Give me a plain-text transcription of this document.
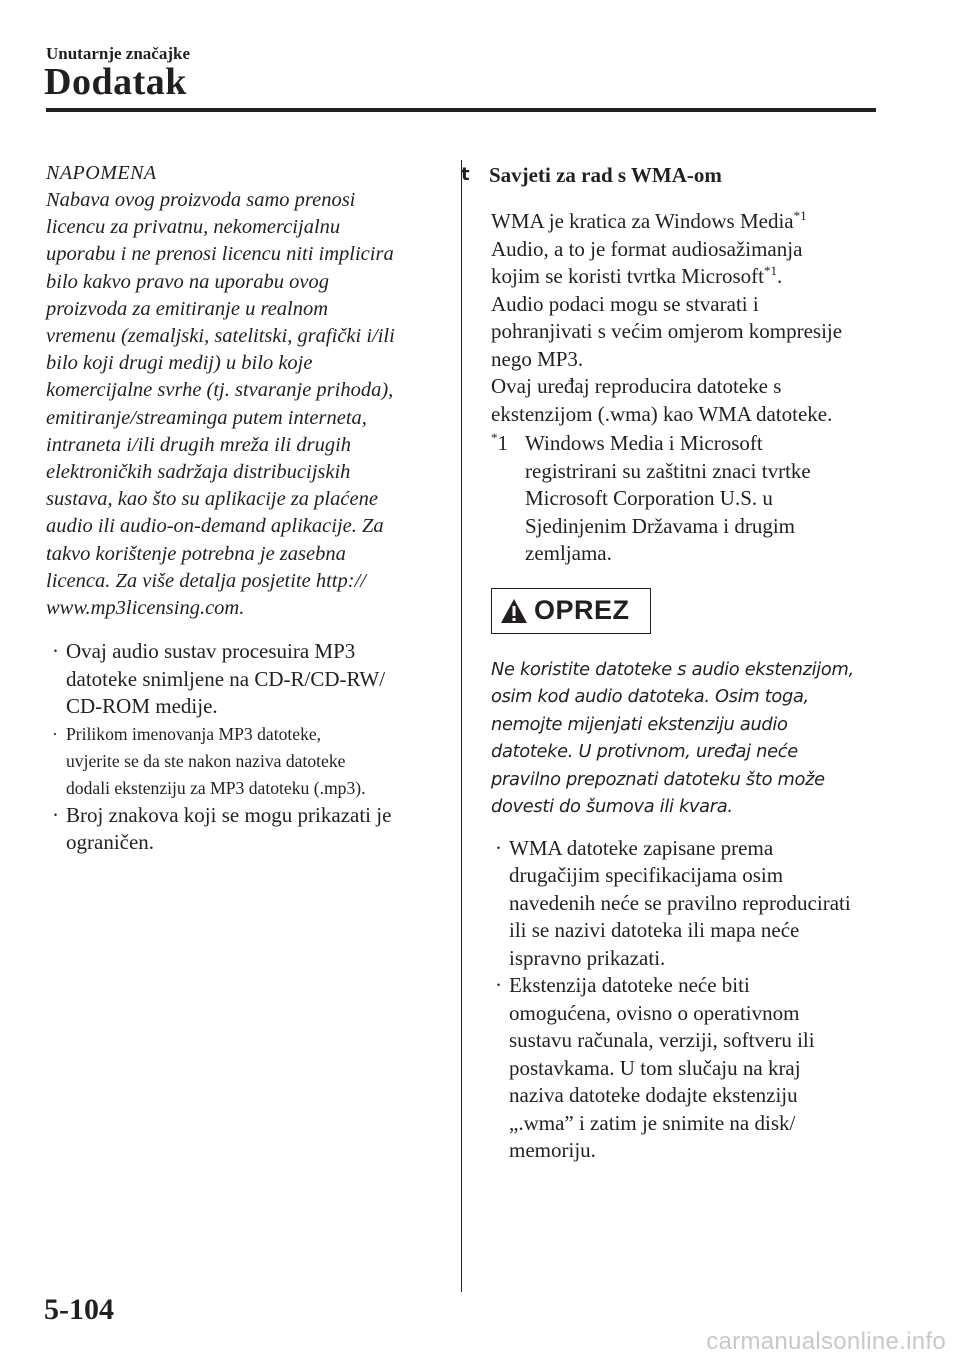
Unutarnje značajke
Dodatak
NAPOMENA
Nabava ovog proizvoda samo prenosi
licencu za privatnu, nekomercijalnu
uporabu i ne prenosi licencu niti implicira
bilo kakvo pravo na uporabu ovog
proizvoda za emitiranje u realnom
vremenu (zemaljski, satelitski, grafički i/ili
bilo koji drugi medij) u bilo koje
komercijalne svrhe (tj. stvaranje prihoda),
emitiranje/streaminga putem interneta,
intraneta i/ili drugih mreža ili drugih
elektroničkih sadržaja distribucijskih
sustava, kao što su aplikacije za plaćene
audio ili audio-on-demand aplikacije. Za
takvo korištenje potrebna je zasebna
licenca. Za više detalja posjetite http://
www.mp3licensing.com.
· Ovaj audio sustav procesuira MP3
datoteke snimljene na CD-R/CD-RW/
CD-ROM medije.
· Prilikom imenovanja MP3 datoteke,
uvjerite se da ste nakon naziva datoteke
dodali ekstenziju za MP3 datoteku (.mp3).
· Broj znakova koji se mogu prikazati je
ograničen.
t Savjeti za rad s WMA-om
WMA je kratica za Windows Media$^{*1}$
Audio, a to je format audiosažimanja
kojim se koristi tvrtka Microsoft$^{*1}$.
Audio podaci mogu se stvarati i
pohranjivati s većim omjerom kompresije
nego MP3.
Ovaj uređaj reproducira datoteke s
ekstenzijom (.wma) kao WMA datoteke.
*1 Windows Media i Microsoft
registrirani su zaštitni znaci tvrtke
Microsoft Corporation U.S. u
Sjedinjenim Državama i drugim
zemljama.
OPREZ
Ne koristite datoteke s audio ekstenzijom,
osim kod audio datoteka. Osim toga,
nemojte mijenjati ekstenziju audio
datoteke. U protivnom, uređaj neće
pravilno prepoznati datoteku što može
dovesti do šumova ili kvara.
· WMA datoteke zapisane prema
drugačijim specifikacijama osim
navedenih neće se pravilno reproducirati
ili se nazivi datoteka ili mapa neće
ispravno prikazati.
· Ekstenzija datoteke neće biti
omogućena, ovisno o operativnom
sustavu računala, verziji, softveru ili
postavkama. U tom slučaju na kraj
naziva datoteke dodajte ekstenziju
„.wma” i zatim je snimite na disk/
memoriju.
5-104
carmanualsonline.info
